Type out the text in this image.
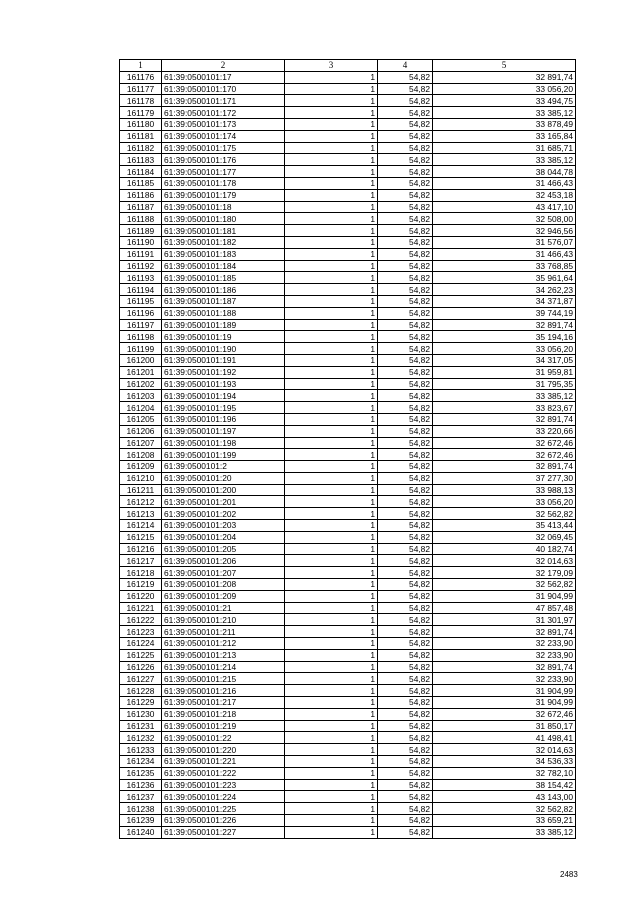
1	2	3	4	5
161176	61:39:0500101:17	1	54,82	32 891,74
161177	61:39:0500101:170	1	54,82	33 056,20
161178	61:39:0500101:171	1	54,82	33 494,75
161179	61:39:0500101:172	1	54,82	33 385,12
161180	61:39:0500101:173	1	54,82	33 878,49
161181	61:39:0500101:174	1	54,82	33 165,84
161182	61:39:0500101:175	1	54,82	31 685,71
161183	61:39:0500101:176	1	54,82	33 385,12
161184	61:39:0500101:177	1	54,82	38 044,78
161185	61:39:0500101:178	1	54,82	31 466,43
161186	61:39:0500101:179	1	54,82	32 453,18
161187	61:39:0500101:18	1	54,82	43 417,10
161188	61:39:0500101:180	1	54,82	32 508,00
161189	61:39:0500101:181	1	54,82	32 946,56
161190	61:39:0500101:182	1	54,82	31 576,07
161191	61:39:0500101:183	1	54,82	31 466,43
161192	61:39:0500101:184	1	54,82	33 768,85
161193	61:39:0500101:185	1	54,82	35 961,64
161194	61:39:0500101:186	1	54,82	34 262,23
161195	61:39:0500101:187	1	54,82	34 371,87
161196	61:39:0500101:188	1	54,82	39 744,19
161197	61:39:0500101:189	1	54,82	32 891,74
161198	61:39:0500101:19	1	54,82	35 194,16
161199	61:39:0500101:190	1	54,82	33 056,20
161200	61:39:0500101:191	1	54,82	34 317,05
161201	61:39:0500101:192	1	54,82	31 959,81
161202	61:39:0500101:193	1	54,82	31 795,35
161203	61:39:0500101:194	1	54,82	33 385,12
161204	61:39:0500101:195	1	54,82	33 823,67
161205	61:39:0500101:196	1	54,82	32 891,74
161206	61:39:0500101:197	1	54,82	33 220,66
161207	61:39:0500101:198	1	54,82	32 672,46
161208	61:39:0500101:199	1	54,82	32 672,46
161209	61:39:0500101:2	1	54,82	32 891,74
161210	61:39:0500101:20	1	54,82	37 277,30
161211	61:39:0500101:200	1	54,82	33 988,13
161212	61:39:0500101:201	1	54,82	33 056,20
161213	61:39:0500101:202	1	54,82	32 562,82
161214	61:39:0500101:203	1	54,82	35 413,44
161215	61:39:0500101:204	1	54,82	32 069,45
161216	61:39:0500101:205	1	54,82	40 182,74
161217	61:39:0500101:206	1	54,82	32 014,63
161218	61:39:0500101:207	1	54,82	32 179,09
161219	61:39:0500101:208	1	54,82	32 562,82
161220	61:39:0500101:209	1	54,82	31 904,99
161221	61:39:0500101:21	1	54,82	47 857,48
161222	61:39:0500101:210	1	54,82	31 301,97
161223	61:39:0500101:211	1	54,82	32 891,74
161224	61:39:0500101:212	1	54,82	32 233,90
161225	61:39:0500101:213	1	54,82	32 233,90
161226	61:39:0500101:214	1	54,82	32 891,74
161227	61:39:0500101:215	1	54,82	32 233,90
161228	61:39:0500101:216	1	54,82	31 904,99
161229	61:39:0500101:217	1	54,82	31 904,99
161230	61:39:0500101:218	1	54,82	32 672,46
161231	61:39:0500101:219	1	54,82	31 850,17
161232	61:39:0500101:22	1	54,82	41 498,41
161233	61:39:0500101:220	1	54,82	32 014,63
161234	61:39:0500101:221	1	54,82	34 536,33
161235	61:39:0500101:222	1	54,82	32 782,10
161236	61:39:0500101:223	1	54,82	38 154,42
161237	61:39:0500101:224	1	54,82	43 143,00
161238	61:39:0500101:225	1	54,82	32 562,82
161239	61:39:0500101:226	1	54,82	33 659,21
161240	61:39:0500101:227	1	54,82	33 385,12
2483
